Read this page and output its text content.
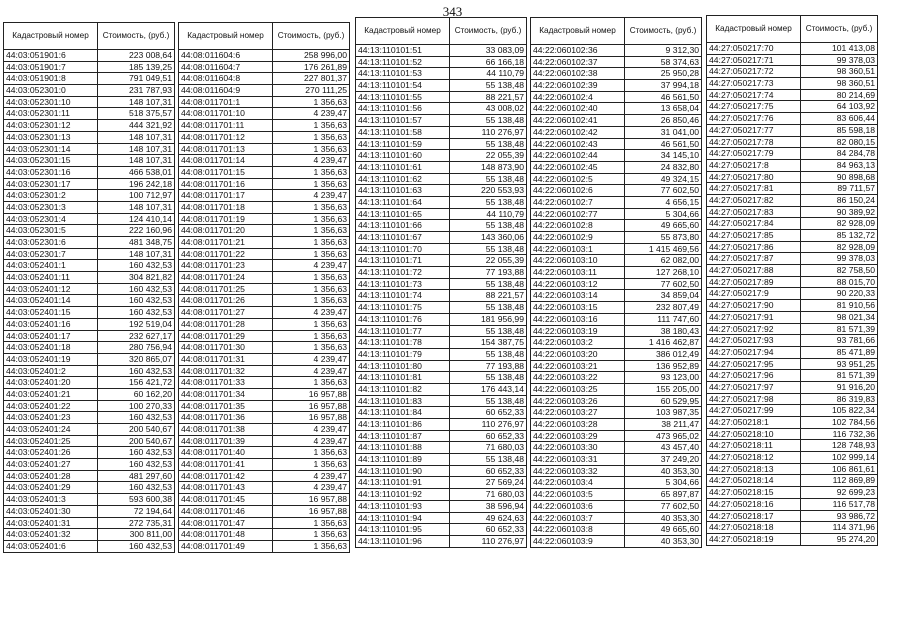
343
Кадастровый номер	Стоимость, (руб.)
44:03:051901:6	223 008,64
44:03:051901:7	185 139,25
44:03:051901:8	791 049,51
44:03:052301:0	231 787,93
44:03:052301:10	148 107,31
44:03:052301:11	518 375,57
44:03:052301:12	444 321,92
44:03:052301:13	148 107,31
44:03:052301:14	148 107,31
44:03:052301:15	148 107,31
44:03:052301:16	466 538,01
44:03:052301:17	196 242,18
44:03:052301:2	100 712,97
44:03:052301:3	148 107,31
44:03:052301:4	124 410,14
44:03:052301:5	222 160,96
44:03:052301:6	481 348,75
44:03:052301:7	148 107,31
44:03:052401:1	160 432,53
44:03:052401:11	304 821,82
44:03:052401:12	160 432,53
44:03:052401:14	160 432,53
44:03:052401:15	160 432,53
44:03:052401:16	192 519,04
44:03:052401:17	232 627,17
44:03:052401:18	280 756,94
44:03:052401:19	320 865,07
44:03:052401:2	160 432,53
44:03:052401:20	156 421,72
44:03:052401:21	60 162,20
44:03:052401:22	100 270,33
44:03:052401:23	160 432,53
44:03:052401:24	200 540,67
44:03:052401:25	200 540,67
44:03:052401:26	160 432,53
44:03:052401:27	160 432,53
44:03:052401:28	481 297,60
44:03:052401:29	160 432,53
44:03:052401:3	593 600,38
44:03:052401:30	72 194,64
44:03:052401:31	272 735,31
44:03:052401:32	300 811,00
44:03:052401:6	160 432,53
Кадастровый номер	Стоимость, (руб.)
44:08:011604:6	258 996,00
44:08:011604:7	176 261,89
44:08:011604:8	227 801,37
44:08:011604:9	270 111,25
44:08:011701:1	1 356,63
44:08:011701:10	4 239,47
44:08:011701:11	1 356,63
44:08:011701:12	1 356,63
44:08:011701:13	1 356,63
44:08:011701:14	4 239,47
44:08:011701:15	1 356,63
44:08:011701:16	1 356,63
44:08:011701:17	4 239,47
44:08:011701:18	1 356,63
44:08:011701:19	1 356,63
44:08:011701:20	1 356,63
44:08:011701:21	1 356,63
44:08:011701:22	1 356,63
44:08:011701:23	4 239,47
44:08:011701:24	1 356,63
44:08:011701:25	1 356,63
44:08:011701:26	1 356,63
44:08:011701:27	4 239,47
44:08:011701:28	1 356,63
44:08:011701:29	1 356,63
44:08:011701:30	1 356,63
44:08:011701:31	4 239,47
44:08:011701:32	4 239,47
44:08:011701:33	1 356,63
44:08:011701:34	16 957,88
44:08:011701:35	16 957,88
44:08:011701:36	16 957,88
44:08:011701:38	4 239,47
44:08:011701:39	4 239,47
44:08:011701:40	1 356,63
44:08:011701:41	1 356,63
44:08:011701:42	4 239,47
44:08:011701:43	4 239,47
44:08:011701:45	16 957,88
44:08:011701:46	16 957,88
44:08:011701:47	1 356,63
44:08:011701:48	1 356,63
44:08:011701:49	1 356,63
Кадастровый номер	Стоимость, (руб.)
44:13:110101:51	33 083,09
44:13:110101:52	66 166,18
44:13:110101:53	44 110,79
44:13:110101:54	55 138,48
44:13:110101:55	88 221,57
44:13:110101:56	43 008,02
44:13:110101:57	55 138,48
44:13:110101:58	110 276,97
44:13:110101:59	55 138,48
44:13:110101:60	22 055,39
44:13:110101:61	148 873,90
44:13:110101:62	55 138,48
44:13:110101:63	220 553,93
44:13:110101:64	55 138,48
44:13:110101:65	44 110,79
44:13:110101:66	55 138,48
44:13:110101:67	143 360,06
44:13:110101:70	55 138,48
44:13:110101:71	22 055,39
44:13:110101:72	77 193,88
44:13:110101:73	55 138,48
44:13:110101:74	88 221,57
44:13:110101:75	55 138,48
44:13:110101:76	181 956,99
44:13:110101:77	55 138,48
44:13:110101:78	154 387,75
44:13:110101:79	55 138,48
44:13:110101:80	77 193,88
44:13:110101:81	55 138,48
44:13:110101:82	176 443,14
44:13:110101:83	55 138,48
44:13:110101:84	60 652,33
44:13:110101:86	110 276,97
44:13:110101:87	60 652,33
44:13:110101:88	71 680,03
44:13:110101:89	55 138,48
44:13:110101:90	60 652,33
44:13:110101:91	27 569,24
44:13:110101:92	71 680,03
44:13:110101:93	38 596,94
44:13:110101:94	49 624,63
44:13:110101:95	60 652,33
44:13:110101:96	110 276,97
Кадастровый номер	Стоимость, (руб.)
44:22:060102:36	9 312,30
44:22:060102:37	58 374,63
44:22:060102:38	25 950,28
44:22:060102:39	37 994,18
44:22:060102:4	46 561,50
44:22:060102:40	13 658,04
44:22:060102:41	26 850,46
44:22:060102:42	31 041,00
44:22:060102:43	46 561,50
44:22:060102:44	34 145,10
44:22:060102:45	24 832,80
44:22:060102:5	49 324,15
44:22:060102:6	77 602,50
44:22:060102:7	4 656,15
44:22:060102:77	5 304,66
44:22:060102:8	49 665,60
44:22:060102:9	55 873,80
44:22:060103:1	1 415 469,56
44:22:060103:10	62 082,00
44:22:060103:11	127 268,10
44:22:060103:12	77 602,50
44:22:060103:14	34 859,04
44:22:060103:15	232 807,49
44:22:060103:16	111 747,60
44:22:060103:19	38 180,43
44:22:060103:2	1 416 462,87
44:22:060103:20	386 012,49
44:22:060103:21	136 952,89
44:22:060103:22	93 123,00
44:22:060103:25	155 205,00
44:22:060103:26	60 529,95
44:22:060103:27	103 987,35
44:22:060103:28	38 211,47
44:22:060103:29	473 965,02
44:22:060103:30	43 457,40
44:22:060103:31	37 249,20
44:22:060103:32	40 353,30
44:22:060103:4	5 304,66
44:22:060103:5	65 897,87
44:22:060103:6	77 602,50
44:22:060103:7	40 353,30
44:22:060103:8	49 665,60
44:22:060103:9	40 353,30
Кадастровый номер	Стоимость, (руб.)
44:27:050217:70	101 413,08
44:27:050217:71	99 378,03
44:27:050217:72	98 360,51
44:27:050217:73	98 360,51
44:27:050217:74	80 214,69
44:27:050217:75	64 103,92
44:27:050217:76	83 606,44
44:27:050217:77	85 598,18
44:27:050217:78	82 080,15
44:27:050217:79	84 284,78
44:27:050217:8	84 963,13
44:27:050217:80	90 898,68
44:27:050217:81	89 711,57
44:27:050217:82	86 150,24
44:27:050217:83	90 389,92
44:27:050217:84	82 928,09
44:27:050217:85	85 132,72
44:27:050217:86	82 928,09
44:27:050217:87	99 378,03
44:27:050217:88	82 758,50
44:27:050217:89	88 015,70
44:27:050217:9	90 220,33
44:27:050217:90	81 910,56
44:27:050217:91	98 021,34
44:27:050217:92	81 571,39
44:27:050217:93	93 781,66
44:27:050217:94	85 471,89
44:27:050217:95	93 951,25
44:27:050217:96	81 571,39
44:27:050217:97	91 916,20
44:27:050217:98	86 319,83
44:27:050217:99	105 822,34
44:27:050218:1	102 784,56
44:27:050218:10	116 732,36
44:27:050218:11	128 748,93
44:27:050218:12	102 999,14
44:27:050218:13	106 861,61
44:27:050218:14	112 869,89
44:27:050218:15	92 699,23
44:27:050218:16	116 517,78
44:27:050218:17	93 986,72
44:27:050218:18	114 371,96
44:27:050218:19	95 274,20
